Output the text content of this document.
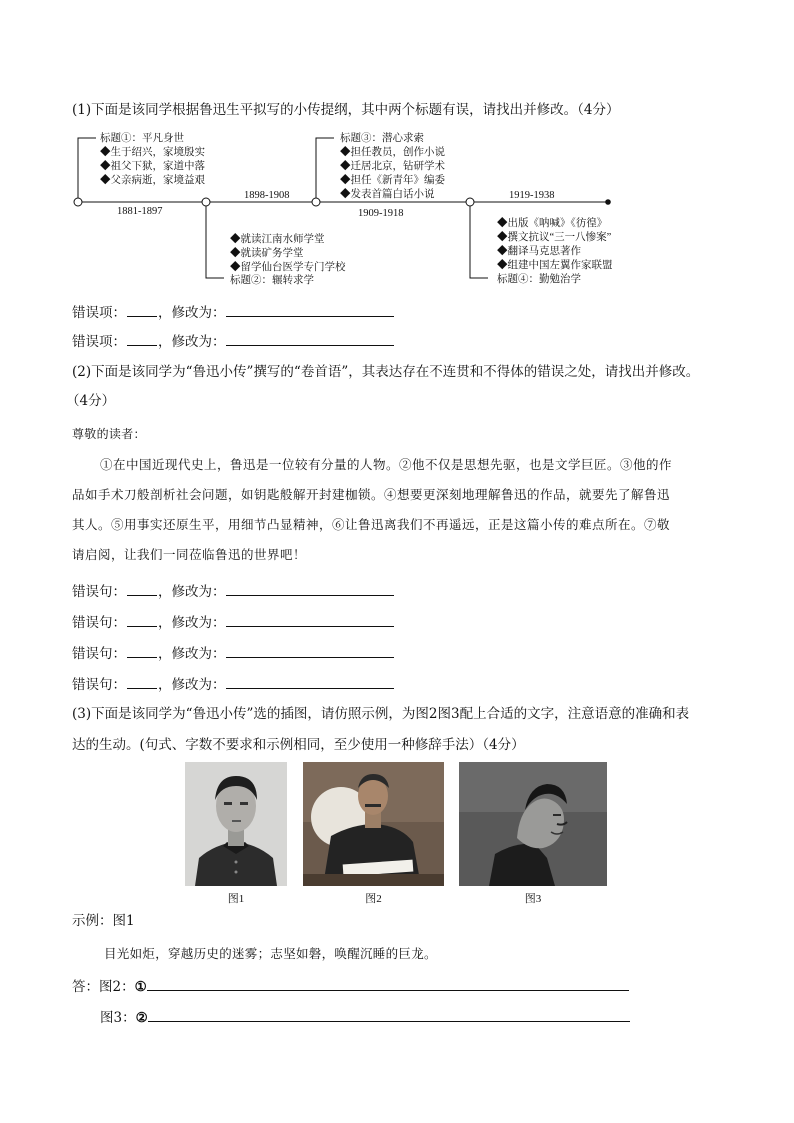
(1)下面是该同学根据鲁迅生平拟写的小传提纲，其中两个标题有误，请找出并修改。（4分）
标题①：平凡身世
◆生于绍兴，家境殷实
◆祖父下狱，家道中落
◆父亲病逝，家境益艰
1881-1897
1898-1908
◆就读江南水师学堂
◆就读矿务学堂
◆留学仙台医学专门学校
标题②：辗转求学
标题③：潜心求索
◆担任教员，创作小说
◆迁居北京，钻研学术
◆担任《新青年》编委
◆发表首篇白话小说
1909-1918
1919-1938
◆出版《呐喊》《彷徨》
◆撰文抗议“三一八惨案”
◆翻译马克思著作
◆组建中国左翼作家联盟
标题④：勤勉治学
错误项： ，修改为：
错误项： ，修改为：
(2)下面是该同学为“鲁迅小传”撰写的“卷首语”，其表达存在不连贯和不得体的错误之处，请找出并修改。
（4分）
尊敬的读者：
①在中国近现代史上，鲁迅是一位较有分量的人物。②他不仅是思想先驱，也是文学巨匠。③他的作
品如手术刀般剖析社会问题，如钥匙般解开封建枷锁。④想要更深刻地理解鲁迅的作品，就要先了解鲁迅
其人。⑤用事实还原生平，用细节凸显精神，⑥让鲁迅离我们不再遥远，正是这篇小传的难点所在。⑦敬
请启阅，让我们一同莅临鲁迅的世界吧！
错误句： ，修改为：
错误句： ，修改为：
错误句： ，修改为：
错误句： ，修改为：
(3)下面是该同学为“鲁迅小传”选的插图，请仿照示例，为图2图3配上合适的文字，注意语意的准确和表
达的生动。(句式、字数不要求和示例相同，至少使用一种修辞手法）（4分）
图1	图2	图3
示例：图1
目光如炬，穿越历史的迷雾；志坚如磐，唤醒沉睡的巨龙。
答：图2：①
图3：②
